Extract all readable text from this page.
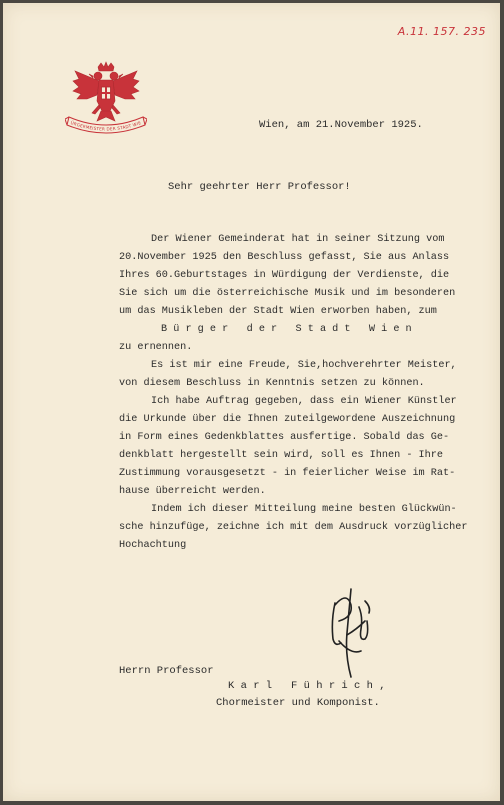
A.11. 157. 235
ÜRGERMEISTER DER STADT WIE	Wien, am 21.November 1925.
Sehr geehrter Herr Professor!
Der Wiener Gemeinderat hat in seiner Sitzung vom
20.November 1925 den Beschluss gefasst, Sie aus Anlass
Ihres 60.Geburtstages in Würdigung der Verdienste, die
Sie sich um die österreichische Musik und im besonderen
um das Musikleben der Stadt Wien erworben haben, zum
B ü r g e r   d e r   S t a d t   W i e n
zu ernennen.
Es ist mir eine Freude, Sie,hochverehrter Meister,
von diesem Beschluss in Kenntnis setzen zu können.
Ich habe Auftrag gegeben, dass ein Wiener Künstler
die Urkunde über die Ihnen zuteilgewordene Auszeichnung
in Form eines Gedenkblattes ausfertige. Sobald das Ge-
denkblatt hergestellt sein wird, soll es Ihnen - Ihre
Zustimmung vorausgesetzt - in feierlicher Weise im Rat-
hause überreicht werden.
Indem ich dieser Mitteilung meine besten Glückwün-
sche hinzufüge, zeichne ich mit dem Ausdruck vorzüglicher
Hochachtung
Herrn Professor
K a r l   F ü h r i c h ,
Chormeister und Komponist.
